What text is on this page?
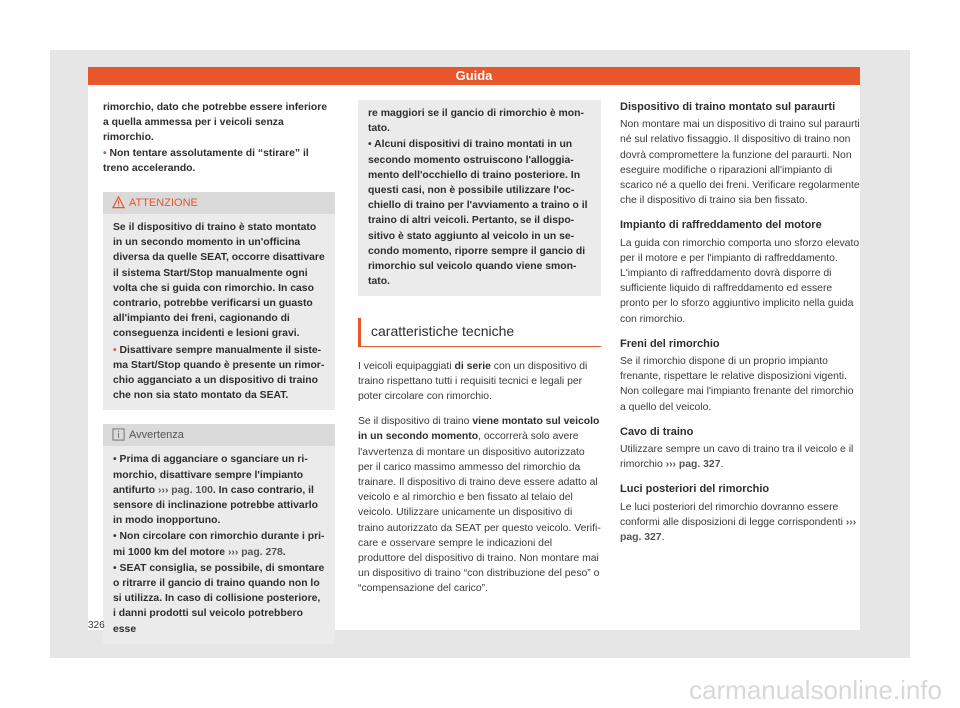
Guida

rimorchio, dato che potrebbe essere inferiore a quella ammessa per i veicoli senza rimorchio.

• Non tentare assolutamente di “stirare” il treno accelerando.

ATTENZIONE

Se il dispositivo di traino è stato montato in un secondo momento in un'officina diversa da quelle SEAT, occorre disattivare il sistema Start/Stop manualmente ogni volta che si guida con rimorchio. In caso contrario, potrebbe verificarsi un guasto all'impianto dei freni, cagionando di conseguenza incidenti e lesioni gravi.

• Disattivare sempre manualmente il sistema Start/Stop quando è presente un rimorchio agganciato a un dispositivo di traino che non sia stato montato da SEAT.

Avvertenza

• Prima di agganciare o sganciare un rimorchio, disattivare sempre l'impianto antifurto ››› pag. 100. In caso contrario, il sensore di inclinazione potrebbe attivarlo in modo inopportuno.

• Non circolare con rimorchio durante i primi 1000 km del motore ››› pag. 278.

• SEAT consiglia, se possibile, di smontare o ritrarre il gancio di traino quando non lo si utilizza. In caso di collisione posteriore, i danni prodotti sul veicolo potrebbero esse

re maggiori se il gancio di rimorchio è montato.

• Alcuni dispositivi di traino montati in un secondo momento ostruiscono l'alloggiamento dell'occhiello di traino posteriore. In questi casi, non è possibile utilizzare l'occhiello di traino per l'avviamento a traino o il traino di altri veicoli. Pertanto, se il dispositivo è stato aggiunto al veicolo in un secondo momento, riporre sempre il gancio di rimorchio sul veicolo quando viene smontato.

caratteristiche tecniche

I veicoli equipaggiati di serie con un dispositivo di traino rispettano tutti i requisiti tecnici e legali per poter circolare con rimorchio.

Se il dispositivo di traino viene montato sul veicolo in un secondo momento, occorrerà solo avere l'avvertenza di montare un dispositivo autorizzato per il carico massimo ammesso del rimorchio da trainare. Il dispositivo di traino deve essere adatto al veicolo e al rimorchio e ben fissato al telaio del veicolo. Utilizzare unicamente un dispositivo di traino autorizzato da SEAT per questo veicolo. Verificare e osservare sempre le indicazioni del produttore del dispositivo di traino. Non montare mai un dispositivo di traino “con distribuzione del peso” o “compensazione del carico”.

Dispositivo di traino montato sul paraurti

Non montare mai un dispositivo di traino sul paraurti né sul relativo fissaggio. Il dispositivo di traino non dovrà compromettere la funzione del paraurti. Non eseguire modifiche o riparazioni all'impianto di scarico né a quello dei freni. Verificare regolarmente che il dispositivo di traino sia ben fissato.

Impianto di raffreddamento del motore

La guida con rimorchio comporta uno sforzo elevato per il motore e per l'impianto di raffreddamento. L'impianto di raffreddamento dovrà disporre di sufficiente liquido di raffreddamento ed essere pronto per lo sforzo aggiuntivo implicito nella guida con rimorchio.

Freni del rimorchio

Se il rimorchio dispone di un proprio impianto frenante, rispettare le relative disposizioni vigenti. Non collegare mai l'impianto frenante del rimorchio a quello del veicolo.

Cavo di traino

Utilizzare sempre un cavo di traino tra il veicolo e il rimorchio ››› pag. 327.

Luci posteriori del rimorchio

Le luci posteriori del rimorchio dovranno essere conformi alle disposizioni di legge corrispondenti ››› pag. 327.

326
carmanualsonline.info
